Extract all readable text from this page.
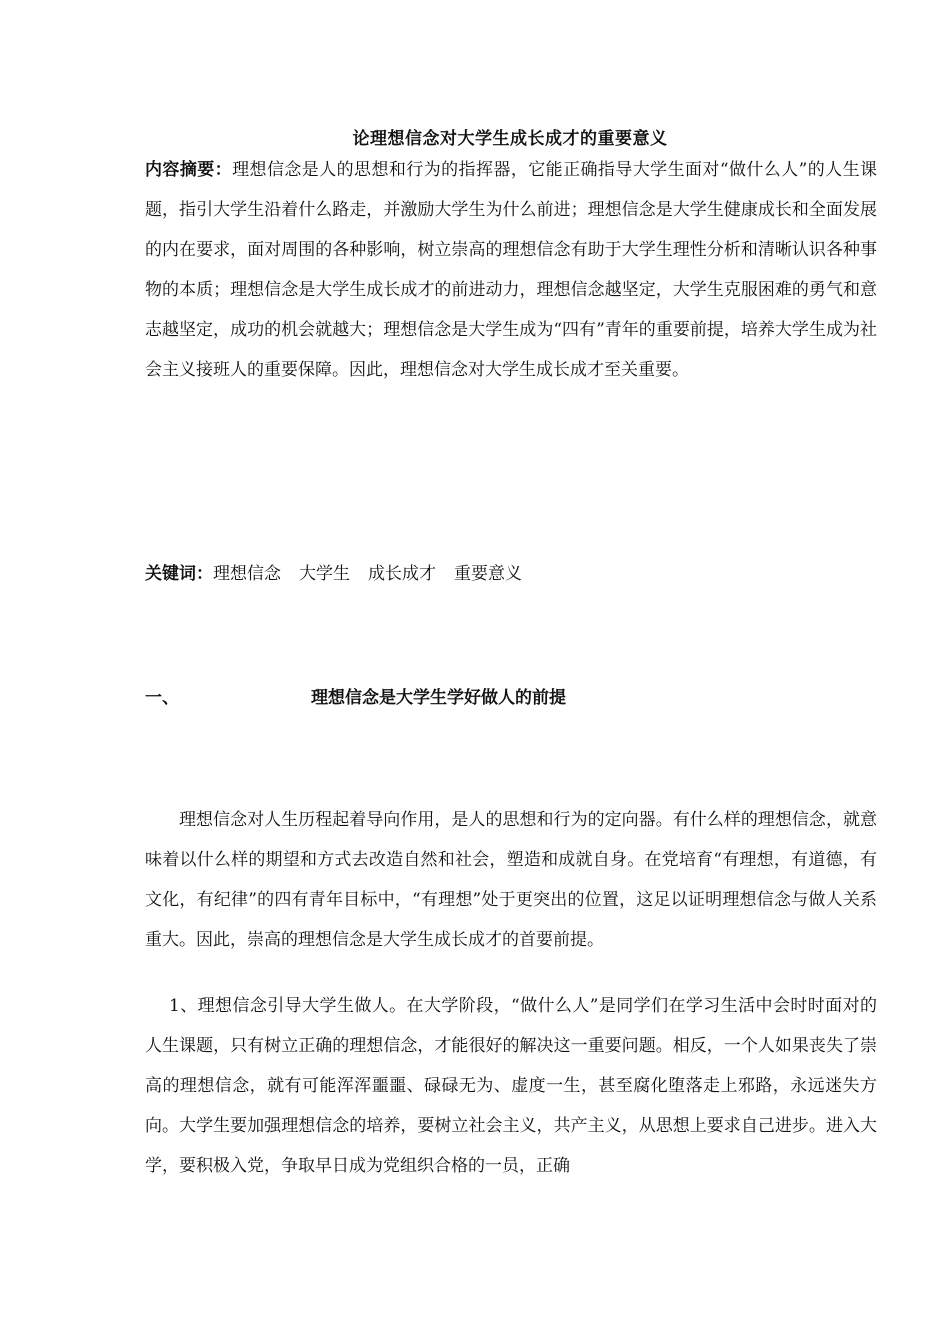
论理想信念对大学生成长成才的重要意义
内容摘要：理想信念是人的思想和行为的指挥器，它能正确指导大学生面对“做什么人”的人生课题，指引大学生沿着什么路走，并激励大学生为什么前进；理想信念是大学生健康成长和全面发展的内在要求，面对周围的各种影响，树立崇高的理想信念有助于大学生理性分析和清晰认识各种事物的本质；理想信念是大学生成长成才的前进动力，理想信念越坚定，大学生克服困难的勇气和意志越坚定，成功的机会就越大；理想信念是大学生成为“四有”青年的重要前提，培养大学生成为社会主义接班人的重要保障。因此，理想信念对大学生成长成才至关重要。
关键词：理想信念 大学生 成长成才 重要意义
一、	理想信念是大学生学好做人的前提
理想信念对人生历程起着导向作用，是人的思想和行为的定向器。有什么样的理想信念，就意味着以什么样的期望和方式去改造自然和社会，塑造和成就自身。在党培育“有理想，有道德，有文化，有纪律”的四有青年目标中，“有理想”处于更突出的位置，这足以证明理想信念与做人关系重大。因此，崇高的理想信念是大学生成长成才的首要前提。
1、理想信念引导大学生做人。在大学阶段，“做什么人”是同学们在学习生活中会时时面对的人生课题，只有树立正确的理想信念，才能很好的解决这一重要问题。相反，一个人如果丧失了崇高的理想信念，就有可能浑浑噩噩、碌碌无为、虚度一生，甚至腐化堕落走上邪路，永远迷失方向。大学生要加强理想信念的培养，要树立社会主义，共产主义，从思想上要求自己进步。进入大学，要积极入党，争取早日成为党组织合格的一员，正确
